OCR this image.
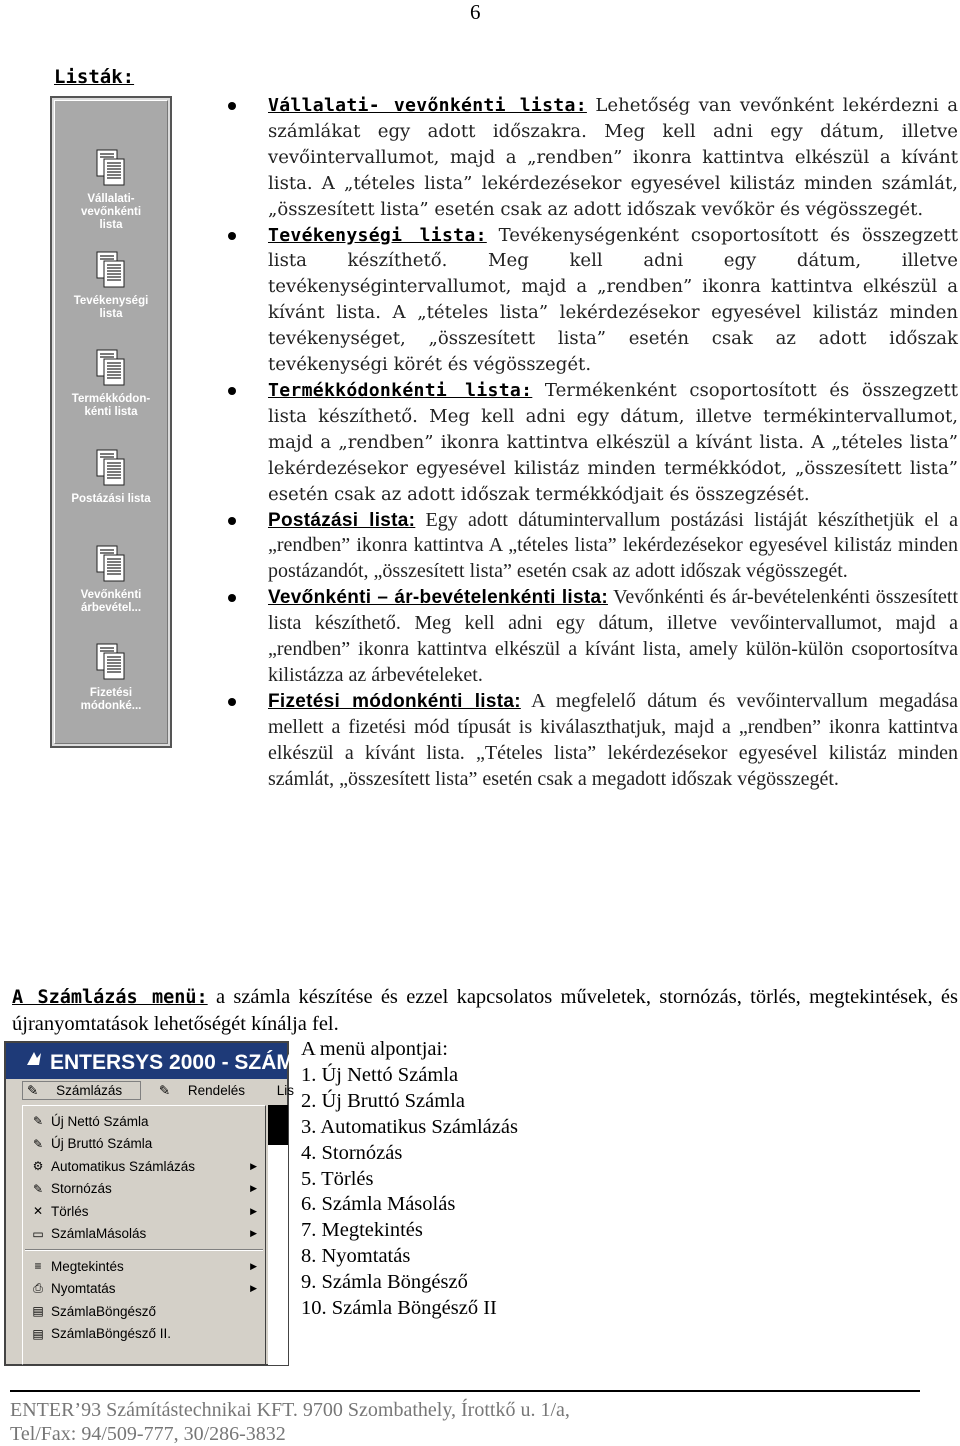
6
Listák:
Vállalati-
vevőnkénti
lista
Tevékenységi
lista
Termékkódon-
kénti lista
Postázási lista
Vevőnkénti
árbevétel...
Fizetési
módonké...
Vállalati- vevőnkénti lista: Lehetőség van vevőnként lekérdezni a számlákat egy adott időszakra. Meg kell adni egy dátum, illetve vevőintervallumot, majd a „rendben” ikonra kattintva elkészül a kívánt lista. A „tételes lista” lekérdezésekor egyesével kilistáz minden számlát, „összesített lista” esetén csak az adott időszak vevőkör és végösszegét.
Tevékenységi lista: Tevékenységenként csoportosított és összegzett lista készíthető. Meg kell adni egy dátum, illetve tevékenységintervallumot, majd a „rendben” ikonra kattintva elkészül a kívánt lista. A „tételes lista” lekérdezésekor egyesével kilistáz minden tevékenységet, „összesített lista” esetén csak az adott időszak tevékenységi körét és végösszegét.
Termékkódonkénti lista: Termékenként csoportosított és összegzett lista készíthető. Meg kell adni egy dátum, illetve termékintervallumot, majd a „rendben” ikonra kattintva elkészül a kívánt lista. A „tételes lista” lekérdezésekor egyesével kilistáz minden termékkódot, „összesített lista” esetén csak az adott időszak termékkódjait és összegzését.
Postázási lista: Egy adott dátumintervallum postázási listáját készíthetjük el a „rendben” ikonra kattintva A „tételes lista” lekérdezésekor egyesével kilistáz minden postázandót, „összesített lista” esetén csak az adott időszak végösszegét.
Vevőnkénti – ár-bevételenkénti lista: Vevőnkénti és ár-bevételenkénti összesített lista készíthető. Meg kell adni egy dátum, illetve vevőintervallumot, majd a „rendben” ikonra kattintva elkészül a kívánt lista, amely külön-külön csoportosítva kilistázza az árbevételeket.
Fizetési módonkénti lista: A megfelelő dátum és vevőintervallum megadása mellett a fizetési mód típusát is kiválaszthatjuk, majd a „rendben” ikonra kattintva elkészül a kívánt lista. „Tételes lista” lekérdezésekor egyesével kilistáz minden számlát, „összesített lista” esetén csak a megadott időszak végösszegét.

A Számlázás menü: a számla készítése és ezzel kapcsolatos műveletek, stornózás, törlés, megtekintések, és újranyomtatások lehetőségét kínálja fel.

ENTERSYS 2000 - SZÁM
✎ Számlázás	✎ Rendelés Lis
✎ Új Nettó Számla
✎ Új Bruttó Számla
⚙ Automatikus Számlázás	▶
✎ Stornózás	▶
✕ Törlés	▶
▭ SzámlaMásolás	▶
≡ Megtekintés	▶
⎙ Nyomtatás	▶
▤ SzámlaBöngésző
▤ SzámlaBöngésző II.
A menü alpontjai:
1. Új Nettó Számla
2. Új Bruttó Számla
3. Automatikus Számlázás
4. Stornózás
5. Törlés
6. Számla Másolás
7. Megtekintés
8. Nyomtatás
9. Számla Böngésző
10. Számla Böngésző II
ENTER’93 Számítástechnikai KFT. 9700 Szombathely, Írottkő u. 1/a,
Tel/Fax: 94/509-777, 30/286-3832
